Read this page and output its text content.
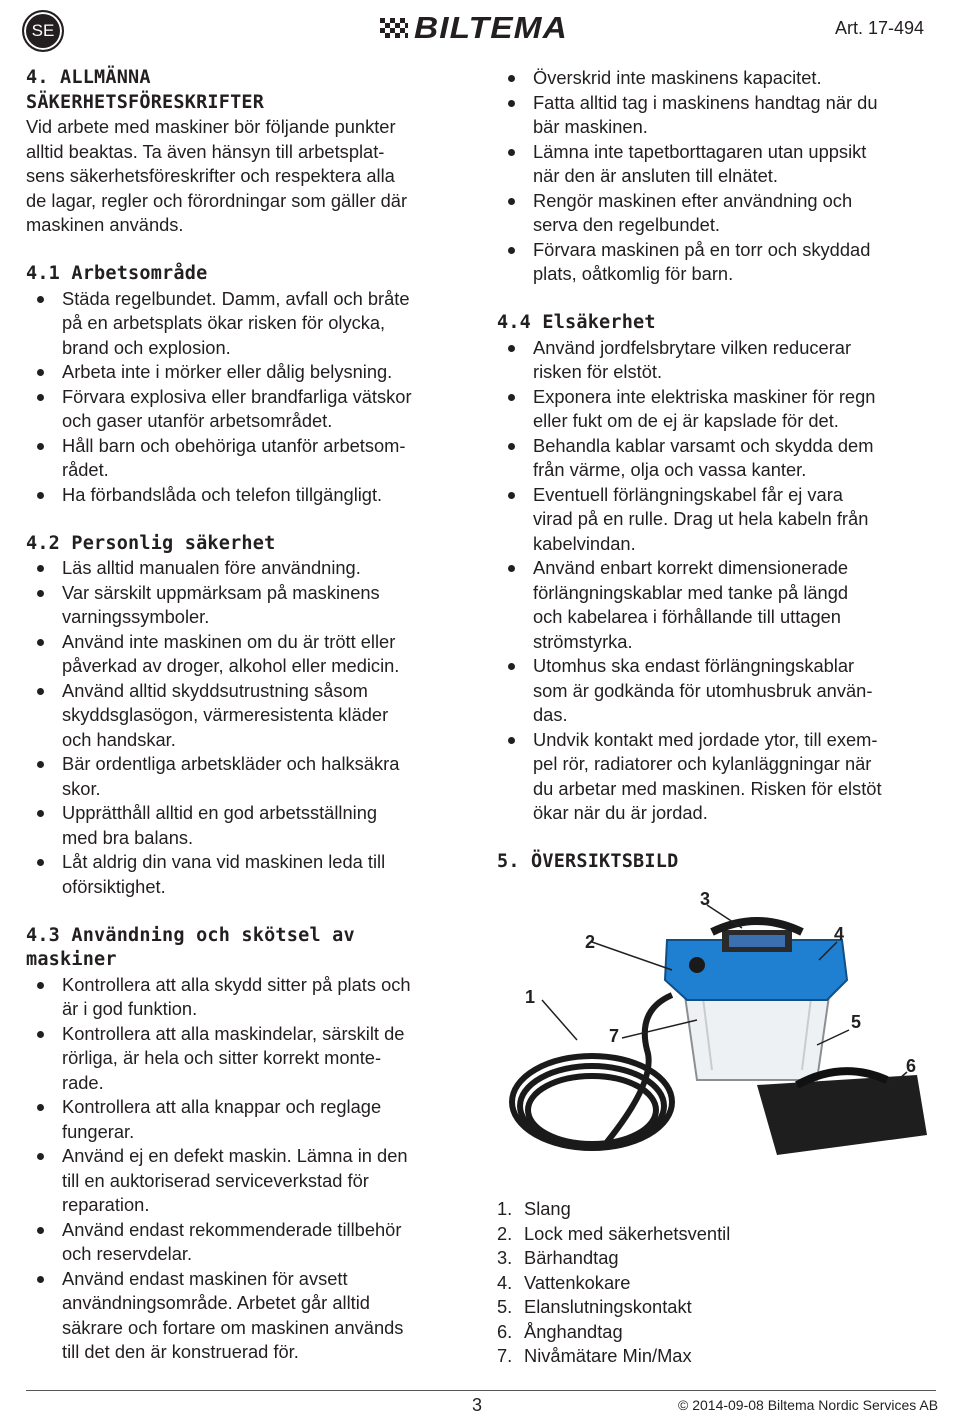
SE	BILTEMA	Art. 17-494
4. ALLMÄNNA
SÄKERHETSFÖRESKRIFTER

Vid arbete med maskiner bör följande punkter
alltid beaktas. Ta även hänsyn till arbetsplat-
sens säkerhetsföreskrifter och respektera alla
de lagar, regler och förordningar som gäller där
maskinen används.

4.1 Arbetsområde
Städa regelbundet. Damm, avfall och bråte
på en arbetsplats ökar risken för olycka,
brand och explosion.
Arbeta inte i mörker eller dålig belysning.
Förvara explosiva eller brandfarliga vätskor
och gaser utanför arbetsområdet.
Håll barn och obehöriga utanför arbetsom-
rådet.
Ha förbandslåda och telefon tillgängligt.
4.2 Personlig säkerhet
Läs alltid manualen före användning.
Var särskilt uppmärksam på maskinens
varningssymboler.
Använd inte maskinen om du är trött eller
påverkad av droger, alkohol eller medicin.
Använd alltid skyddsutrustning såsom
skyddsglasögon, värmeresistenta kläder
och handskar.
Bär ordentliga arbetskläder och halksäkra
skor.
Upprätthåll alltid en god arbetsställning
med bra balans.
Låt aldrig din vana vid maskinen leda till
oförsiktighet.
4.3 Användning och skötsel av
maskiner
Kontrollera att alla skydd sitter på plats och
är i god funktion.
Kontrollera att alla maskindelar, särskilt de
rörliga, är hela och sitter korrekt monte-
rade.
Kontrollera att alla knappar och reglage
fungerar.
Använd ej en defekt maskin. Lämna in den
till en auktoriserad serviceverkstad för
reparation.
Använd endast rekommenderade tillbehör
och reservdelar.
Använd endast maskinen för avsett
användningsområde. Arbetet går alltid
säkrare och fortare om maskinen används
till det den är konstruerad för.
Överskrid inte maskinens kapacitet.
Fatta alltid tag i maskinens handtag när du
bär maskinen.
Lämna inte tapetborttagaren utan uppsikt
när den är ansluten till elnätet.
Rengör maskinen efter användning och
serva den regelbundet.
Förvara maskinen på en torr och skyddad
plats, oåtkomlig för barn.
4.4 Elsäkerhet
Använd jordfelsbrytare vilken reducerar
risken för elstöt.
Exponera inte elektriska maskiner för regn
eller fukt om de ej är kapslade för det.
Behandla kablar varsamt och skydda dem
från värme, olja och vassa kanter.
Eventuell förlängningskabel får ej vara
virad på en rulle. Drag ut hela kabeln från
kabelvindan.
Använd enbart korrekt dimensionerade
förlängningskablar med tanke på längd
och kabelarea i förhållande till uttagen
strömstyrka.
Utomhus ska endast förlängningskablar
som är godkända för utomhusbruk använ-
das.
Undvik kontakt med jordade ytor, till exem-
pel rör, radiatorer och kylanläggningar när
du arbetar med maskinen. Risken för elstöt
ökar när du är jordad.
5. ÖVERSIKTSBILD
1
2
3
4
5
6
7
1. Slang
2. Lock med säkerhetsventil
3. Bärhandtag
4. Vattenkokare
5. Elanslutningskontakt
6. Ånghandtag
7. Nivåmätare Min/Max
3	© 2014-09-08 Biltema Nordic Services AB
